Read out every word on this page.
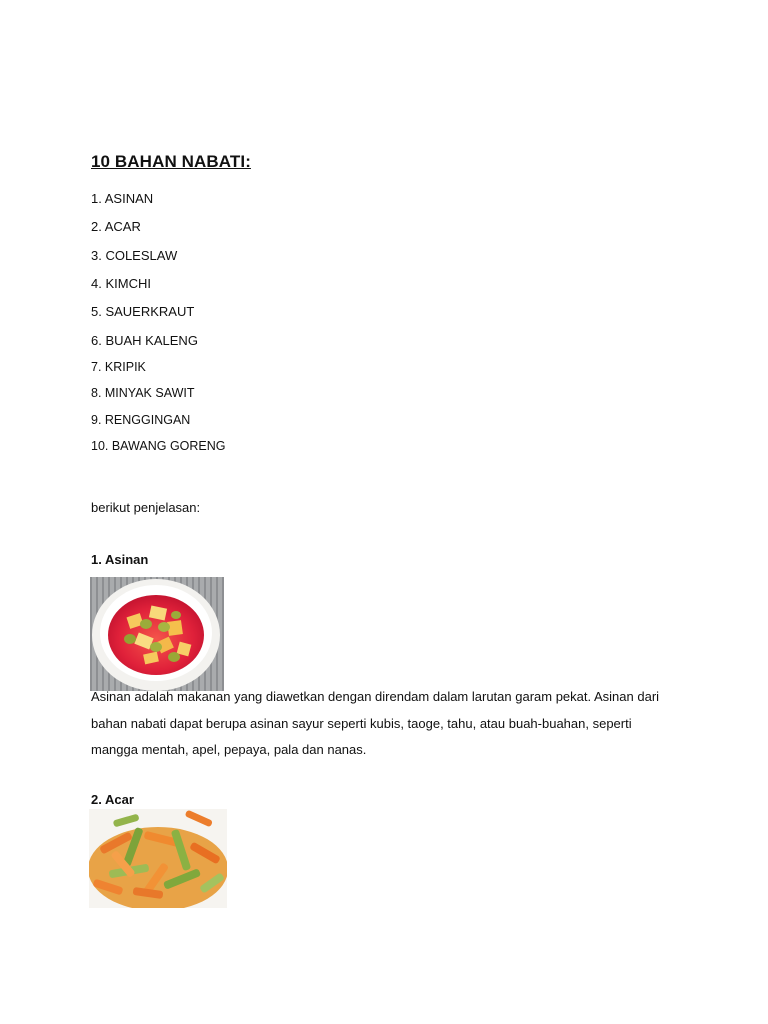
10 BAHAN NABATI:
1. ASINAN
2. ACAR
3. COLESLAW
4. KIMCHI
5. SAUERKRAUT
6. BUAH KALENG
7. KRIPIK
8. MINYAK SAWIT
9. RENGGINGAN
10. BAWANG GORENG
berikut penjelasan:
1. Asinan
Asinan adalah makanan yang diawetkan dengan direndam dalam larutan garam pekat. Asinan dari bahan nabati dapat berupa asinan sayur seperti kubis, taoge, tahu, atau buah-buahan, seperti mangga mentah, apel, pepaya, pala dan nanas.
2. Acar
